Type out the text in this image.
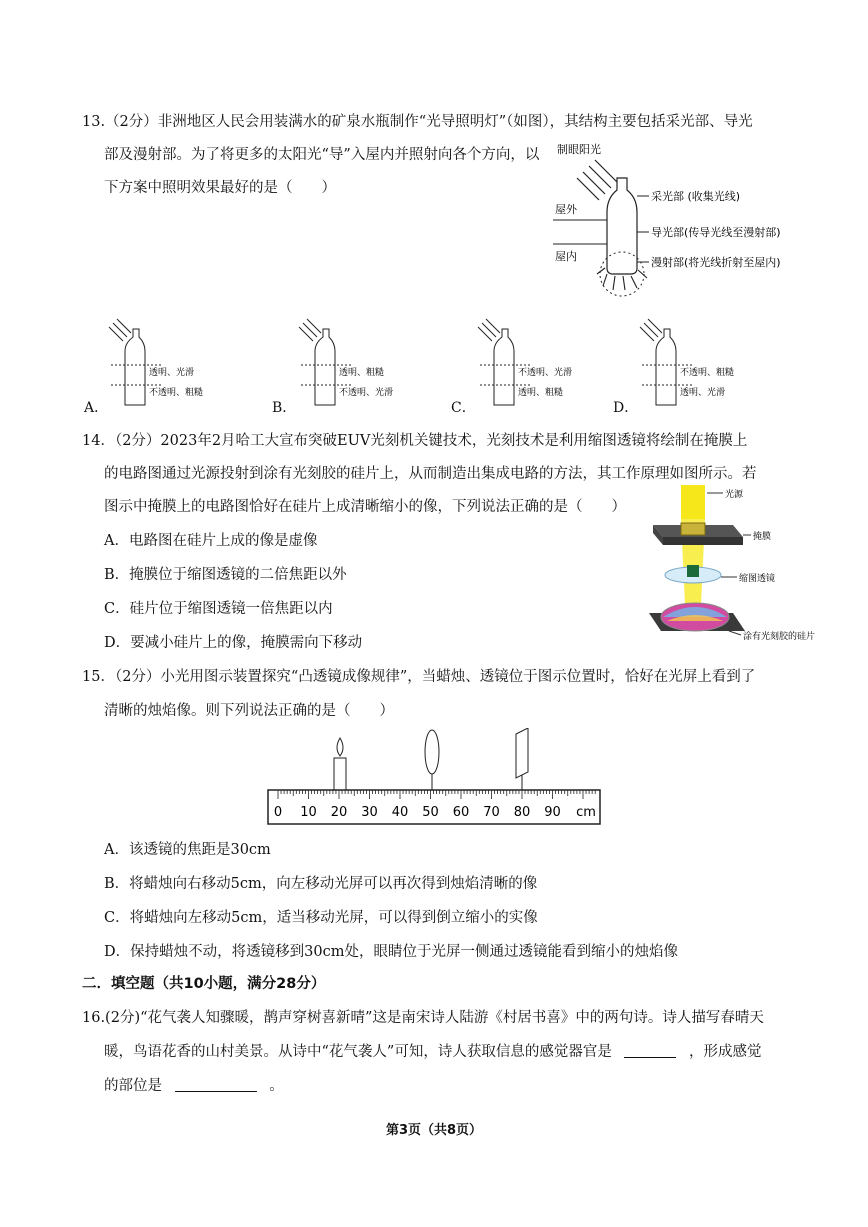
13.（2分）非洲地区人民会用装满水的矿泉水瓶制作“光导照明灯”（如图），其结构主要包括采光部、导光
部及漫射部。为了将更多的太阳光“导”入屋内并照射向各个方向，以
下方案中照明效果最好的是（　　）
制眼阳光
屋外
屋内
采光部 (收集光线)
导光部(传导光线至漫射部)
漫射部(将光线折射至屋内)
透明、光滑
不透明、粗糙
A．
透明、粗糙
不透明、光滑
B．
不透明、光滑
透明、粗糙
C．
不透明、粗糙
透明、光滑
D．
14．（2分）2023年2月哈工大宣布突破EUV光刻机关键技术，光刻技术是利用缩图透镜将绘制在掩膜上
的电路图通过光源投射到涂有光刻胶的硅片上，从而制造出集成电路的方法，其工作原理如图所示。若
图示中掩膜上的电路图恰好在硅片上成清晰缩小的像，下列说法正确的是（　　）
A．电路图在硅片上成的像是虚像
B．掩膜位于缩图透镜的二倍焦距以外
C．硅片位于缩图透镜一倍焦距以内
D．要减小硅片上的像，掩膜需向下移动
光源
掩膜
缩图透镜
涂有光刻胶的硅片
15．（2分）小光用图示装置探究“凸透镜成像规律”，当蜡烛、透镜位于图示位置时，恰好在光屏上看到了
清晰的烛焰像。则下列说法正确的是（　　）
0 10 20 30 40 50 60 70 80 90 cm
A．该透镜的焦距是30cm
B．将蜡烛向右移动5cm，向左移动光屏可以再次得到烛焰清晰的像
C．将蜡烛向左移动5cm，适当移动光屏，可以得到倒立缩小的实像
D．保持蜡烛不动，将透镜移到30cm处，眼睛位于光屏一侧通过透镜能看到缩小的烛焰像
二．填空题（共10小题，满分28分）
16.(2分)“花气袭人知骤暖，鹊声穿树喜新晴”这是南宋诗人陆游《村居书喜》中的两句诗。诗人描写春晴天
暖，鸟语花香的山村美景。从诗中“花气袭人”可知，诗人获取信息的感觉器官是	，形成感觉
的部位是	。
第3页（共8页）
